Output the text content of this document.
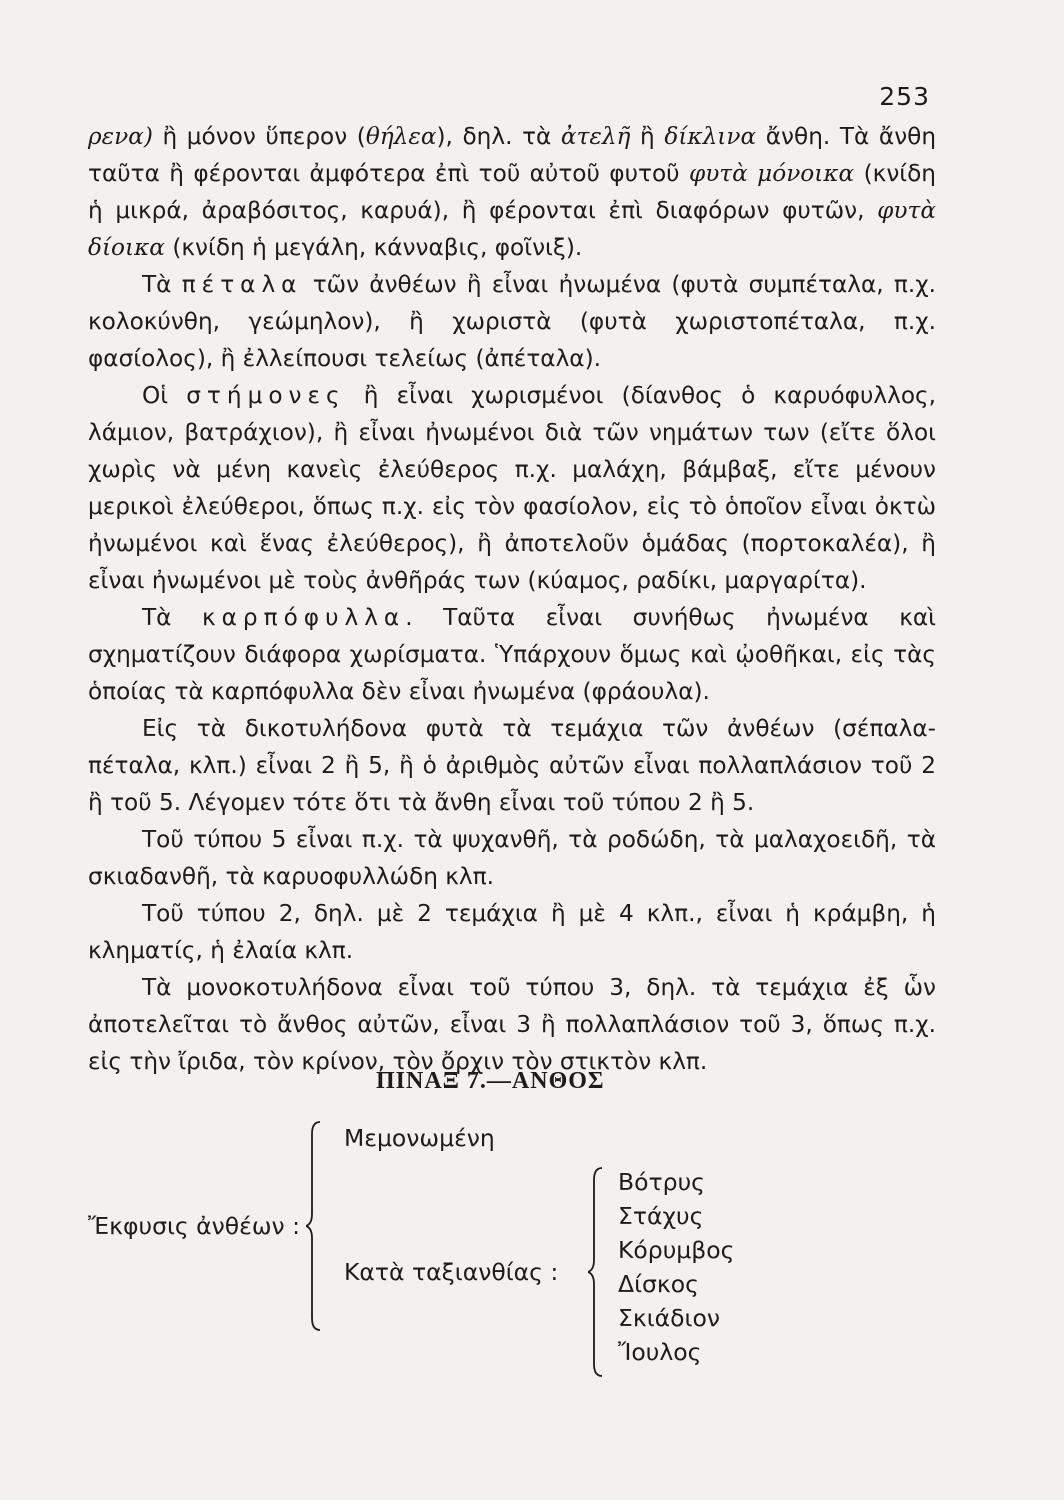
253

ρενα) ἢ μόνον ὕπερον (θήλεα), δηλ. τὰ ἀτελῆ ἢ δίκλινα ἄνθη. Τὰ ἄνθη ταῦτα ἢ φέρονται ἀμφότερα ἐπὶ τοῦ αὐτοῦ φυτοῦ φυτὰ μόνοικα (κνίδη ἡ μικρά, ἀραβόσιτος, καρυά), ἢ φέρονται ἐπὶ διαφόρων φυτῶν, φυτὰ δίοικα (κνίδη ἡ μεγάλη, κάνναβις, φοῖνιξ).

Τὰ πέταλα τῶν ἀνθέων ἢ εἶναι ἠνωμένα (φυτὰ συμπέταλα, π.χ. κολοκύνθη, γεώμηλον), ἢ χωριστὰ (φυτὰ χωριστοπέταλα, π.χ. φασίολος), ἢ ἐλλείπουσι τελείως (ἀπέταλα).

Οἱ στήμονες ἢ εἶναι χωρισμένοι (δίανθος ὁ καρυόφυλλος, λάμιον, βατράχιον), ἢ εἶναι ἠνωμένοι διὰ τῶν νημάτων των (εἴτε ὅλοι χωρὶς νὰ μένη κανεὶς ἐλεύθερος π.χ. μαλάχη, βάμβαξ, εἴτε μένουν μερικοὶ ἐλεύθεροι, ὅπως π.χ. εἰς τὸν φασίολον, εἰς τὸ ὁποῖον εἶναι ὀκτὼ ἠνωμένοι καὶ ἕνας ἐλεύθερος), ἢ ἀποτελοῦν ὁμάδας (πορτοκαλέα), ἢ εἶναι ἠνωμένοι μὲ τοὺς ἀνθῆράς των (κύαμος, ραδίκι, μαργαρίτα).

Τὰ καρπόφυλλα. Ταῦτα εἶναι συνήθως ἠνωμένα καὶ σχηματίζουν διάφορα χωρίσματα. Ὑπάρχουν ὅμως καὶ ᾠοθῆκαι, εἰς τὰς ὁποίας τὰ καρπόφυλλα δὲν εἶναι ἠνωμένα (φράουλα).

Εἰς τὰ δικοτυλήδονα φυτὰ τὰ τεμάχια τῶν ἀνθέων (σέπαλα-πέταλα, κλπ.) εἶναι 2 ἢ 5, ἢ ὁ ἀριθμὸς αὐτῶν εἶναι πολλαπλάσιον τοῦ 2 ἢ τοῦ 5. Λέγομεν τότε ὅτι τὰ ἄνθη εἶναι τοῦ τύπου 2 ἢ 5.

Τοῦ τύπου 5 εἶναι π.χ. τὰ ψυχανθῆ, τὰ ροδώδη, τὰ μαλαχοειδῆ, τὰ σκιαδανθῆ, τὰ καρυοφυλλώδη κλπ.

Τοῦ τύπου 2, δηλ. μὲ 2 τεμάχια ἢ μὲ 4 κλπ., εἶναι ἡ κράμβη, ἡ κληματίς, ἡ ἐλαία κλπ.

Τὰ μονοκοτυλήδονα εἶναι τοῦ τύπου 3, δηλ. τὰ τεμάχια ἐξ ὧν ἀποτελεῖται τὸ ἄνθος αὐτῶν, εἶναι 3 ἢ πολλαπλάσιον τοῦ 3, ὅπως π.χ. εἰς τὴν ἴριδα, τὸν κρίνον, τὸν ὄρχιν τὸν στικτὸν κλπ.

ΠΙΝΑΞ 7.—ΑΝΘΟΣ
Ἔκφυσις ἀνθέων :
Μεμονωμένη
Κατὰ ταξιανθίας :
Βότρυς
Στάχυς
Κόρυμβος
Δίσκος
Σκιάδιον
Ἴουλος
